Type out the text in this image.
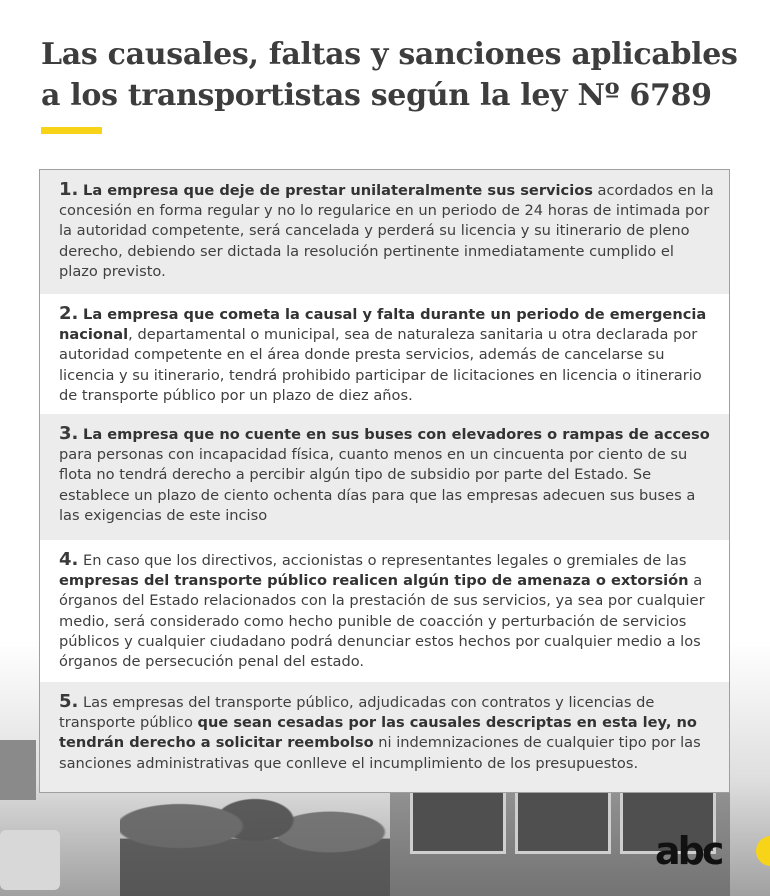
Las causales, faltas y sanciones aplicables a los transportistas según la ley Nº 6789
1. La empresa que deje de prestar unilateralmente sus servicios acordados en la concesión en forma regular y no lo regularice en un periodo de 24 horas de intimada por la autoridad competente, será cancelada y perderá su licencia y su itinerario de pleno derecho, debiendo ser dictada la resolución pertinente inmediatamente cumplido el plazo previsto.
2. La empresa que cometa la causal y falta durante un periodo de emergencia nacional, departamental o municipal, sea de naturaleza sanitaria u otra declarada por autoridad competente en el área donde presta servicios, además de cancelarse su licencia y su itinerario, tendrá prohibido participar de licitaciones en licencia o itinerario de transporte público por un plazo de diez años.
3. La empresa que no cuente en sus buses con elevadores o rampas de acceso para personas con incapacidad física, cuanto menos en un cincuenta por ciento de su flota no tendrá derecho a percibir algún tipo de subsidio por parte del Estado. Se establece un plazo de ciento ochenta días para que las empresas adecuen sus buses a las exigencias de este inciso
4. En caso que los directivos, accionistas o representantes legales o gremiales de las empresas del transporte público realicen algún tipo de amenaza o extorsión a órganos del Estado relacionados con la prestación de sus servicios, ya sea por cualquier medio, será considerado como hecho punible de coacción y perturbación de servicios públicos y cualquier ciudadano podrá denunciar estos hechos por cualquier medio a los órganos de persecución penal del estado.
5. Las empresas del transporte público, adjudicadas con contratos y licencias de transporte público que sean cesadas por las causales descriptas en esta ley, no tendrán derecho a solicitar reembolso ni indemnizaciones de cualquier tipo por las sanciones administrativas que conlleve el incumplimiento de los presupuestos.
abc
